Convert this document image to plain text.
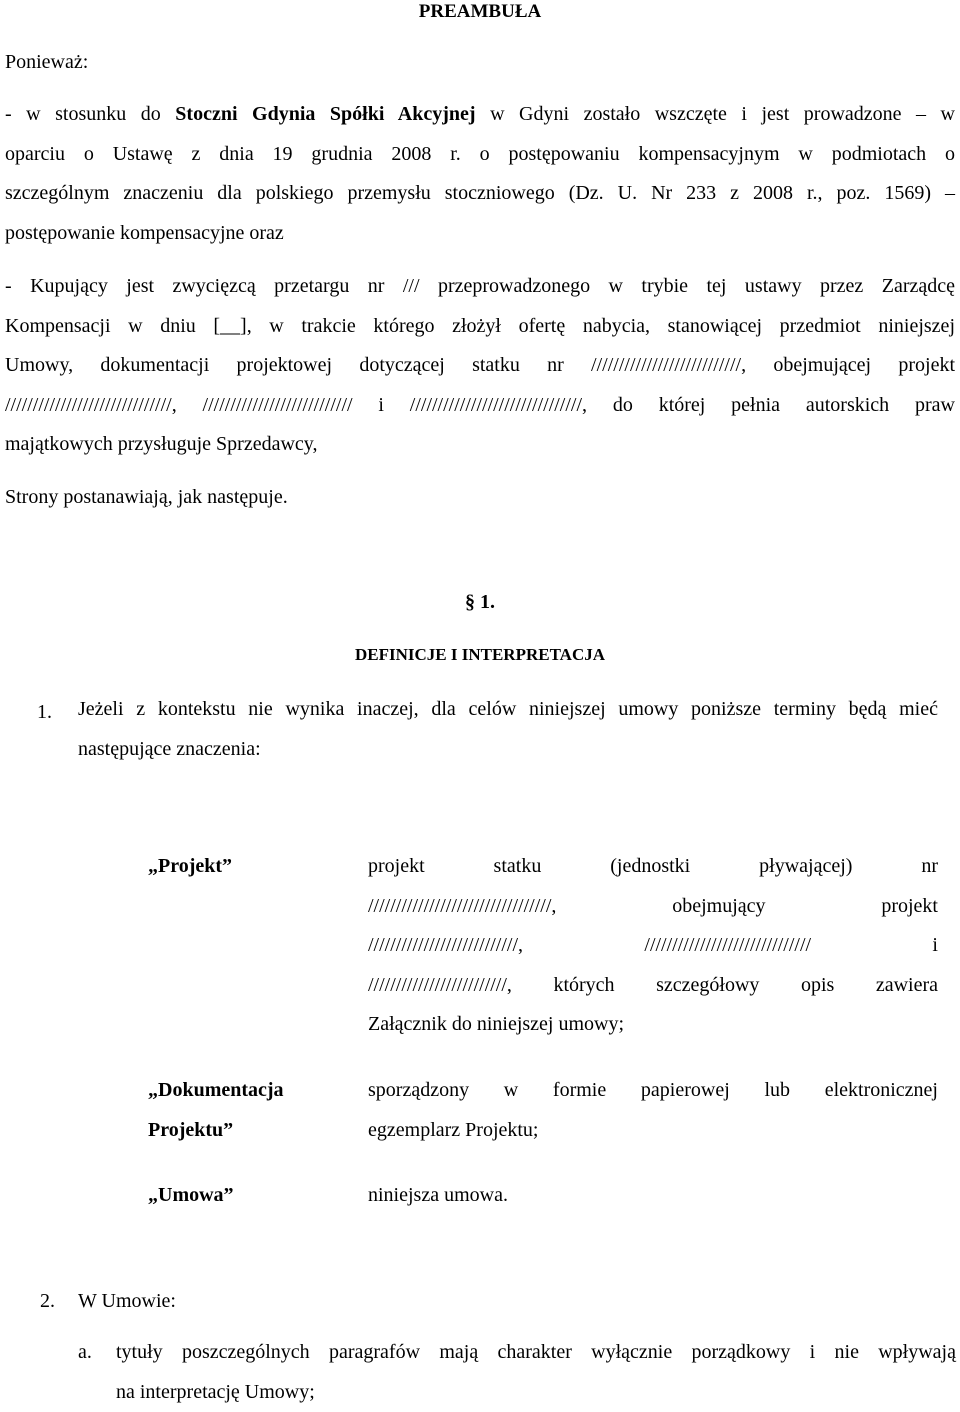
PREAMBUŁA
Ponieważ:
- w stosunku do Stoczni Gdynia Spółki Akcyjnej w Gdyni zostało wszczęte i jest prowadzone – w
oparciu o Ustawę z dnia 19 grudnia 2008 r. o postępowaniu kompensacyjnym w podmiotach o
szczególnym znaczeniu dla polskiego przemysłu stoczniowego (Dz. U. Nr 233 z 2008 r., poz. 1569) –
postępowanie kompensacyjne oraz
- Kupujący jest zwycięzcą przetargu nr /// przeprowadzonego w trybie tej ustawy przez Zarządcę
Kompensacji w dniu [__], w trakcie którego złożył ofertę nabycia, stanowiącej przedmiot niniejszej
Umowy, dokumentacji projektowej dotyczącej statku nr ///////////////////////////, obejmującej projekt
//////////////////////////////, /////////////////////////// i ///////////////////////////////, do której pełnia autorskich praw
majątkowych przysługuje Sprzedawcy,
Strony postanawiają, jak następuje.
§ 1.
DEFINICJE I INTERPRETACJA
1. Jeżeli z kontekstu nie wynika inaczej, dla celów niniejszej umowy poniższe terminy będą mieć
następujące znaczenia:
„Projekt”	projekt statku (jednostki pływającej) nr
/////////////////////////////////, obejmujący projekt
///////////////////////////, ////////////////////////////// i
/////////////////////////, których szczegółowy opis zawiera
Załącznik do niniejszej umowy;
„Dokumentacja
Projektu”
sporządzony w formie papierowej lub elektronicznej
egzemplarz Projektu;
„Umowa”	niniejsza umowa.
2. W Umowie:
a. tytuły poszczególnych paragrafów mają charakter wyłącznie porządkowy i nie wpływają
na interpretację Umowy;
